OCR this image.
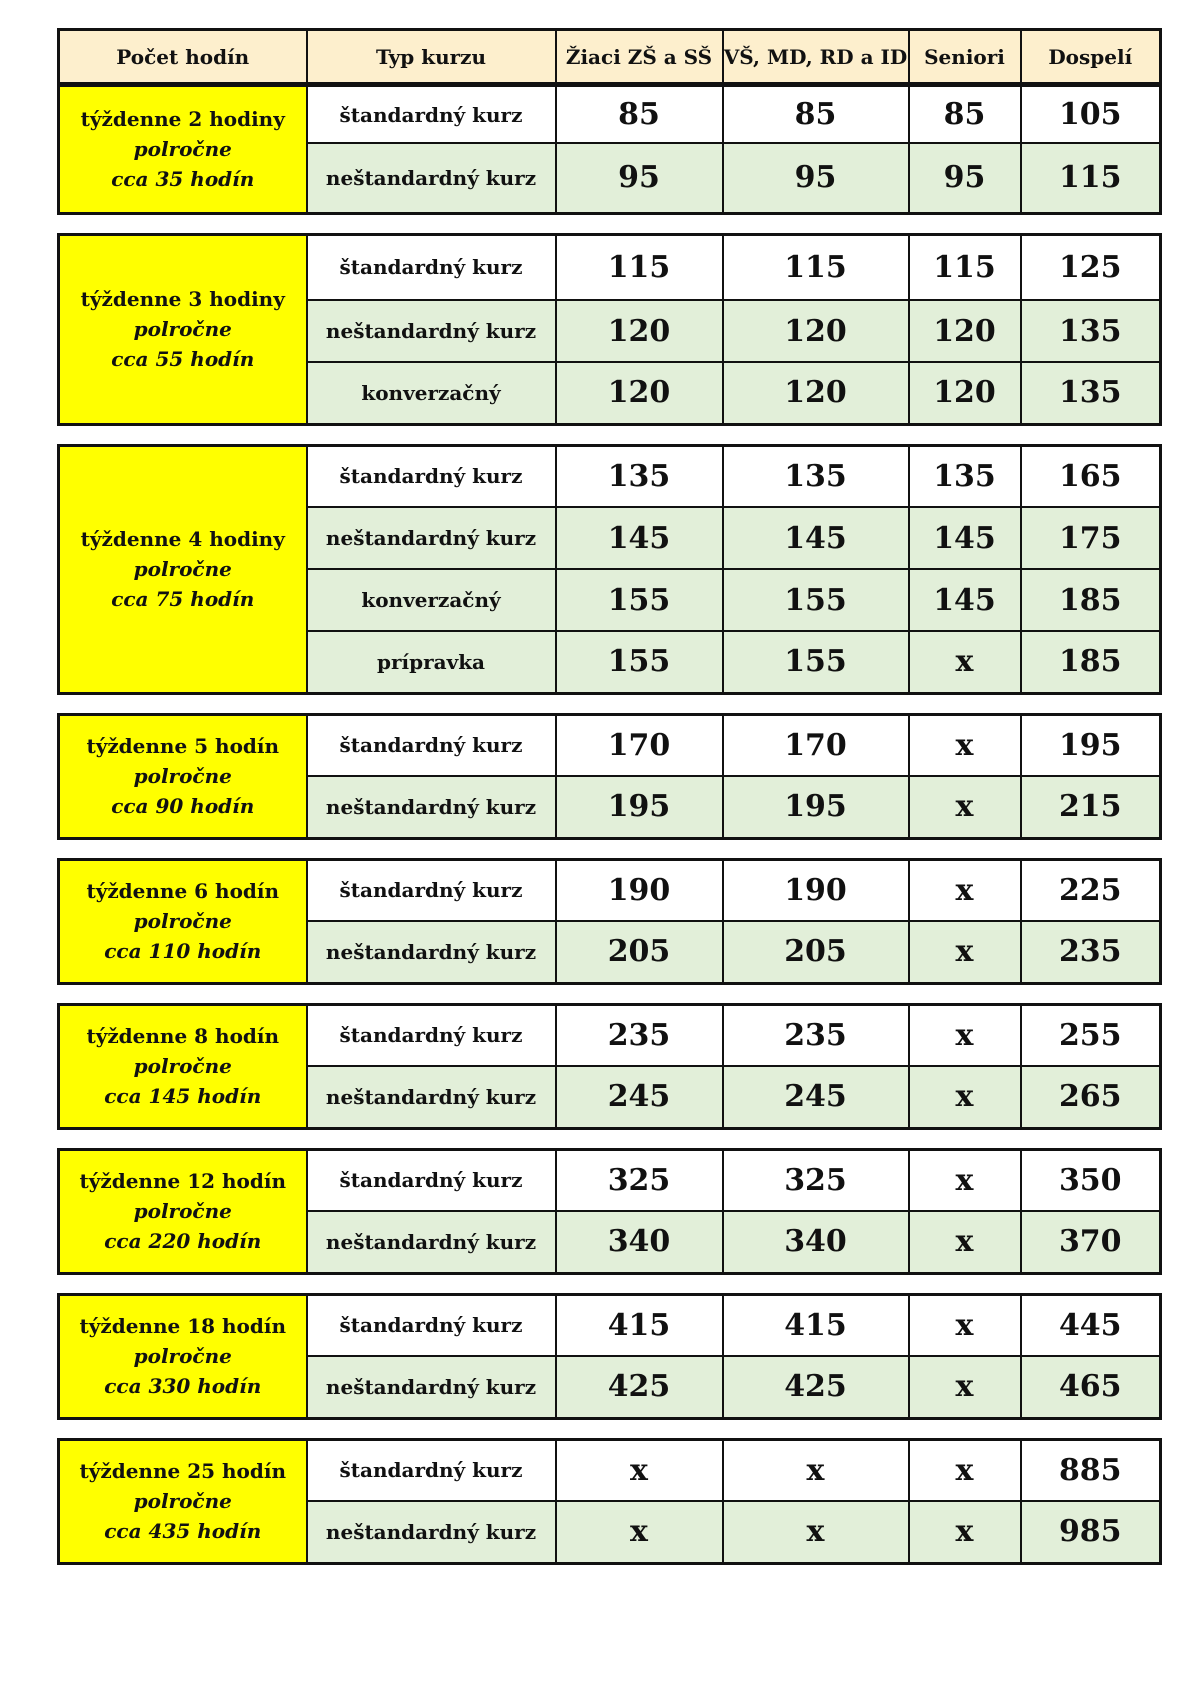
Počet hodín	Typ kurzu	Žiaci ZŠ a SŠ	VŠ, MD, RD a ID	Seniori	Dospelí
týždenne 2 hodiny
polročne
cca 35 hodín	štandardný kurz	85	85	85	105
	neštandardný kurz	95	95	95	115
týždenne 3 hodiny
polročne
cca 55 hodín	štandardný kurz	115	115	115	125
	neštandardný kurz	120	120	120	135
	konverzačný	120	120	120	135
týždenne 4 hodiny
polročne
cca 75 hodín	štandardný kurz	135	135	135	165
	neštandardný kurz	145	145	145	175
	konverzačný	155	155	145	185
	prípravka	155	155	x	185
týždenne 5 hodín
polročne
cca 90 hodín	štandardný kurz	170	170	x	195
	neštandardný kurz	195	195	x	215
týždenne 6 hodín
polročne
cca 110 hodín	štandardný kurz	190	190	x	225
	neštandardný kurz	205	205	x	235
týždenne 8 hodín
polročne
cca 145 hodín	štandardný kurz	235	235	x	255
	neštandardný kurz	245	245	x	265
týždenne 12 hodín
polročne
cca 220 hodín	štandardný kurz	325	325	x	350
	neštandardný kurz	340	340	x	370
týždenne 18 hodín
polročne
cca 330 hodín	štandardný kurz	415	415	x	445
	neštandardný kurz	425	425	x	465
týždenne 25 hodín
polročne
cca 435 hodín	štandardný kurz	x	x	x	885
	neštandardný kurz	x	x	x	985
